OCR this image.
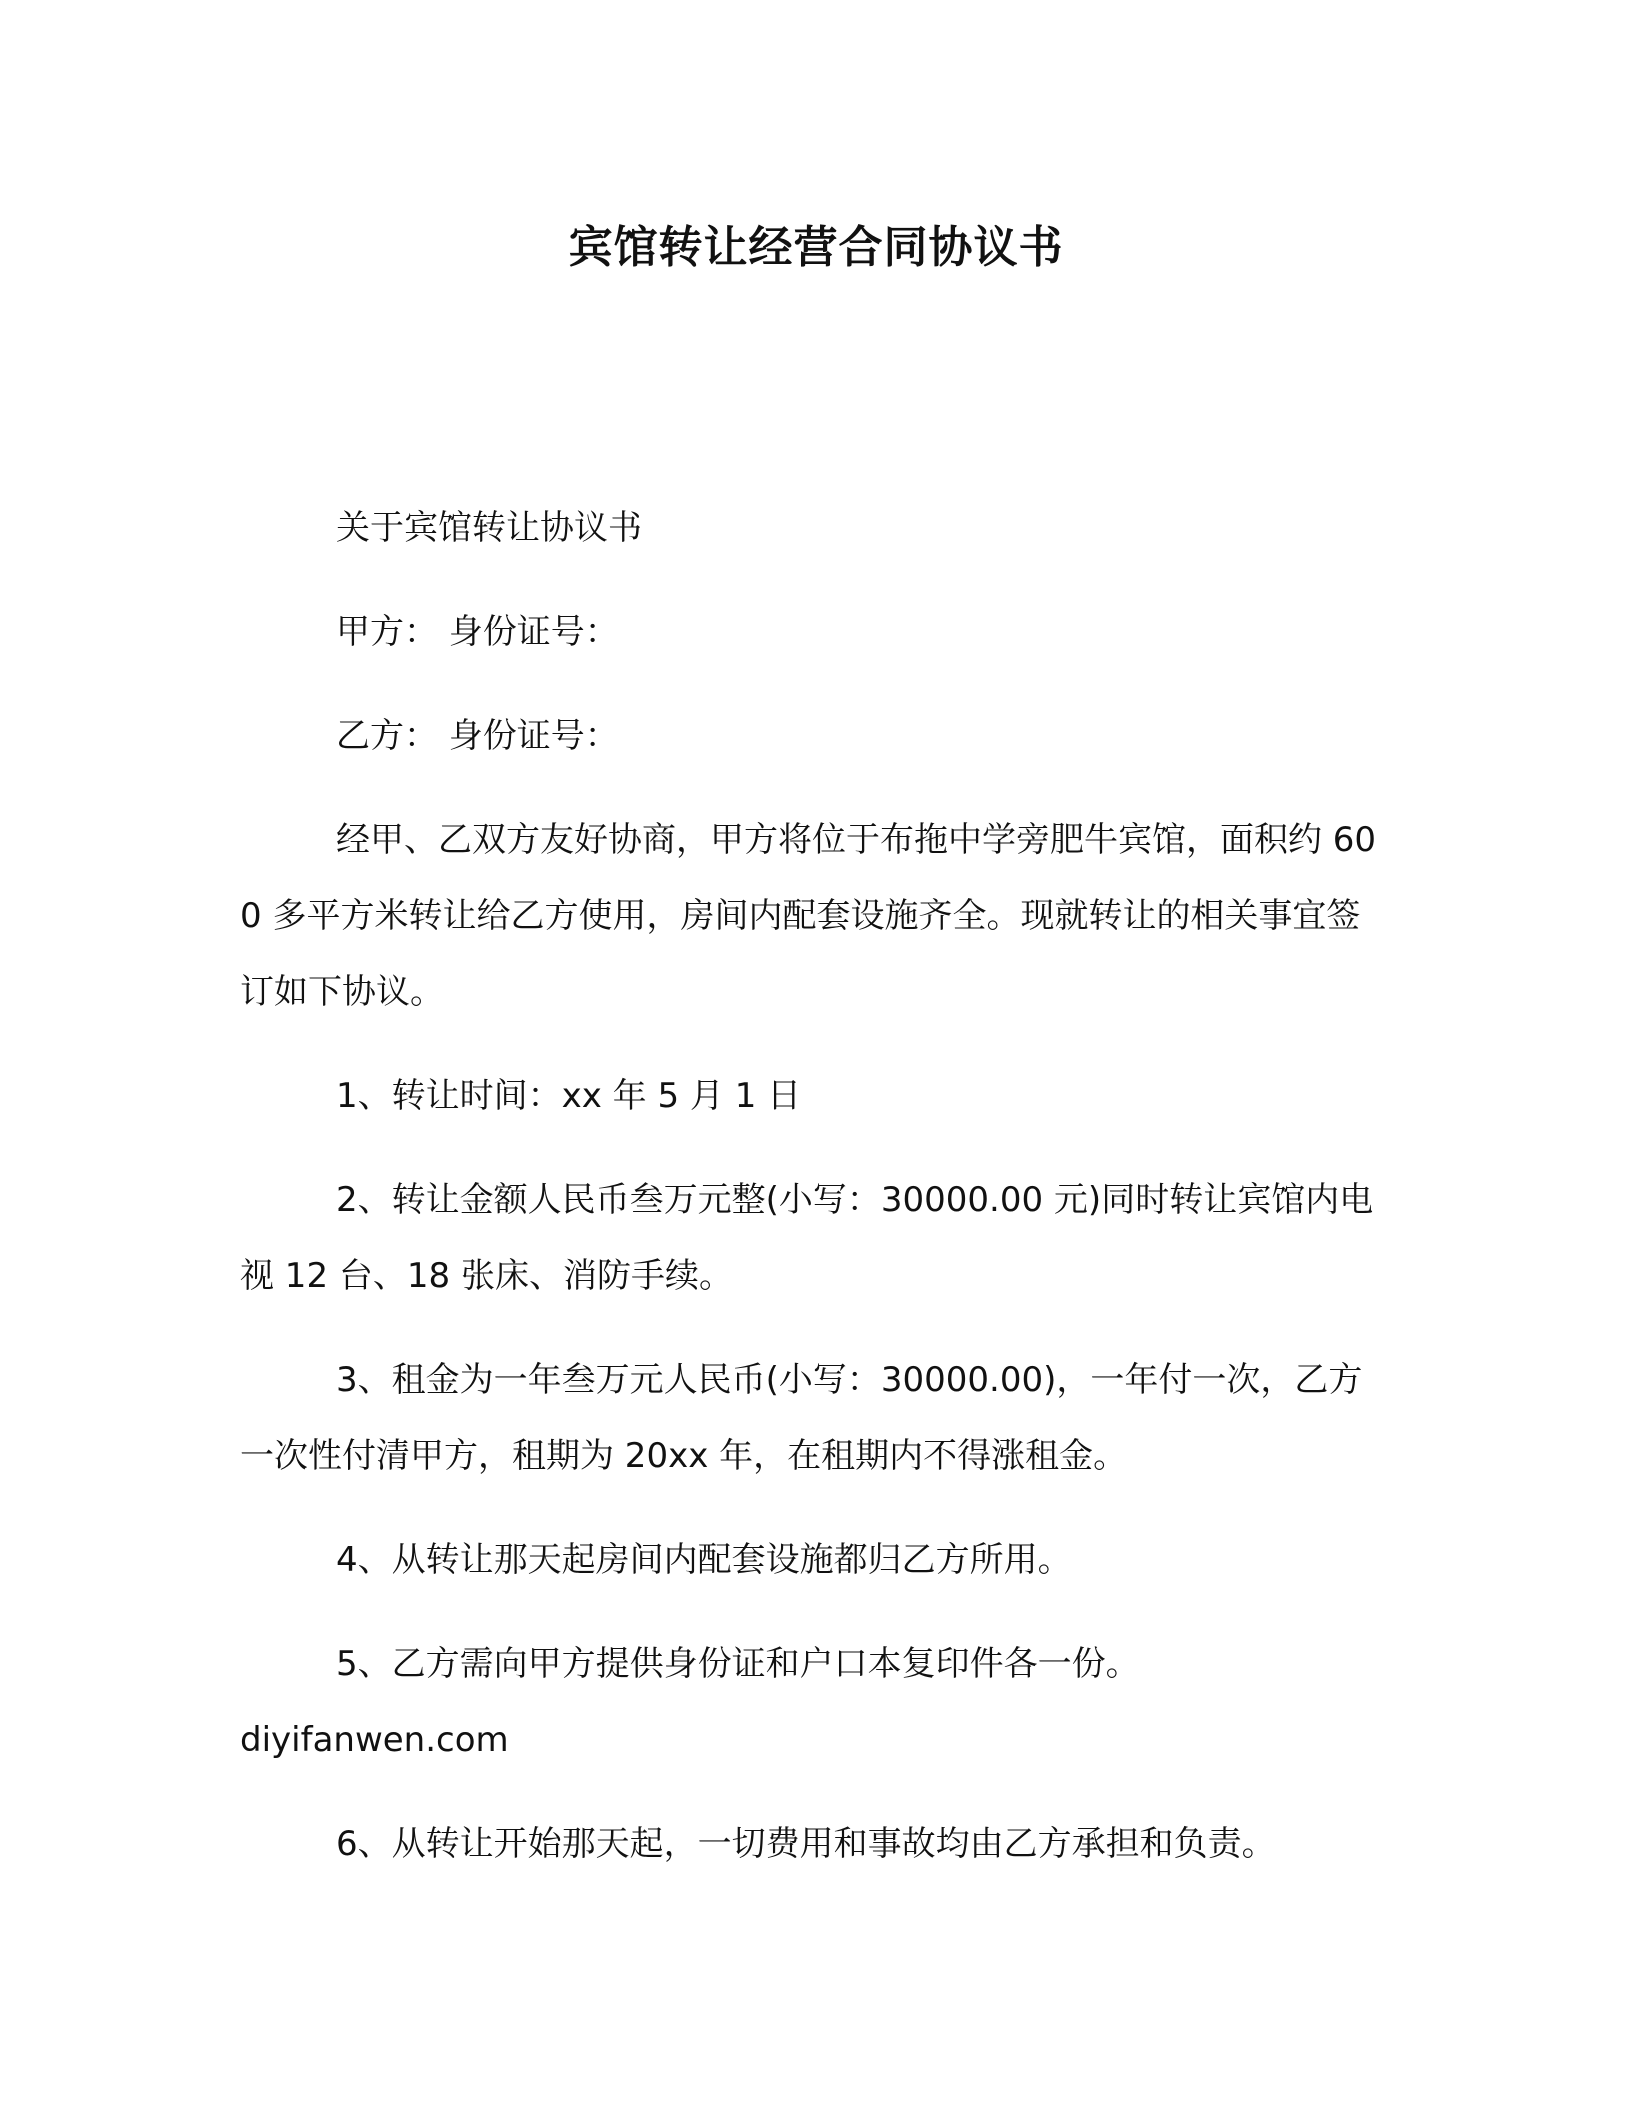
宾馆转让经营合同协议书

关于宾馆转让协议书

甲方： 身份证号：

乙方： 身份证号：

经甲、乙双方友好协商，甲方将位于布拖中学旁肥牛宾馆，面积约 600 多平方米转让给乙方使用，房间内配套设施齐全。现就转让的相关事宜签订如下协议。

1、转让时间：xx 年 5 月 1 日

2、转让金额人民币叁万元整(小写：30000.00 元)同时转让宾馆内电视 12 台、18 张床、消防手续。

3、租金为一年叁万元人民币(小写：30000.00)，一年付一次，乙方一次性付清甲方，租期为 20xx 年，在租期内不得涨租金。

4、从转让那天起房间内配套设施都归乙方所用。

5、乙方需向甲方提供身份证和户口本复印件各一份。

diyifanwen.com

6、从转让开始那天起，一切费用和事故均由乙方承担和负责。
